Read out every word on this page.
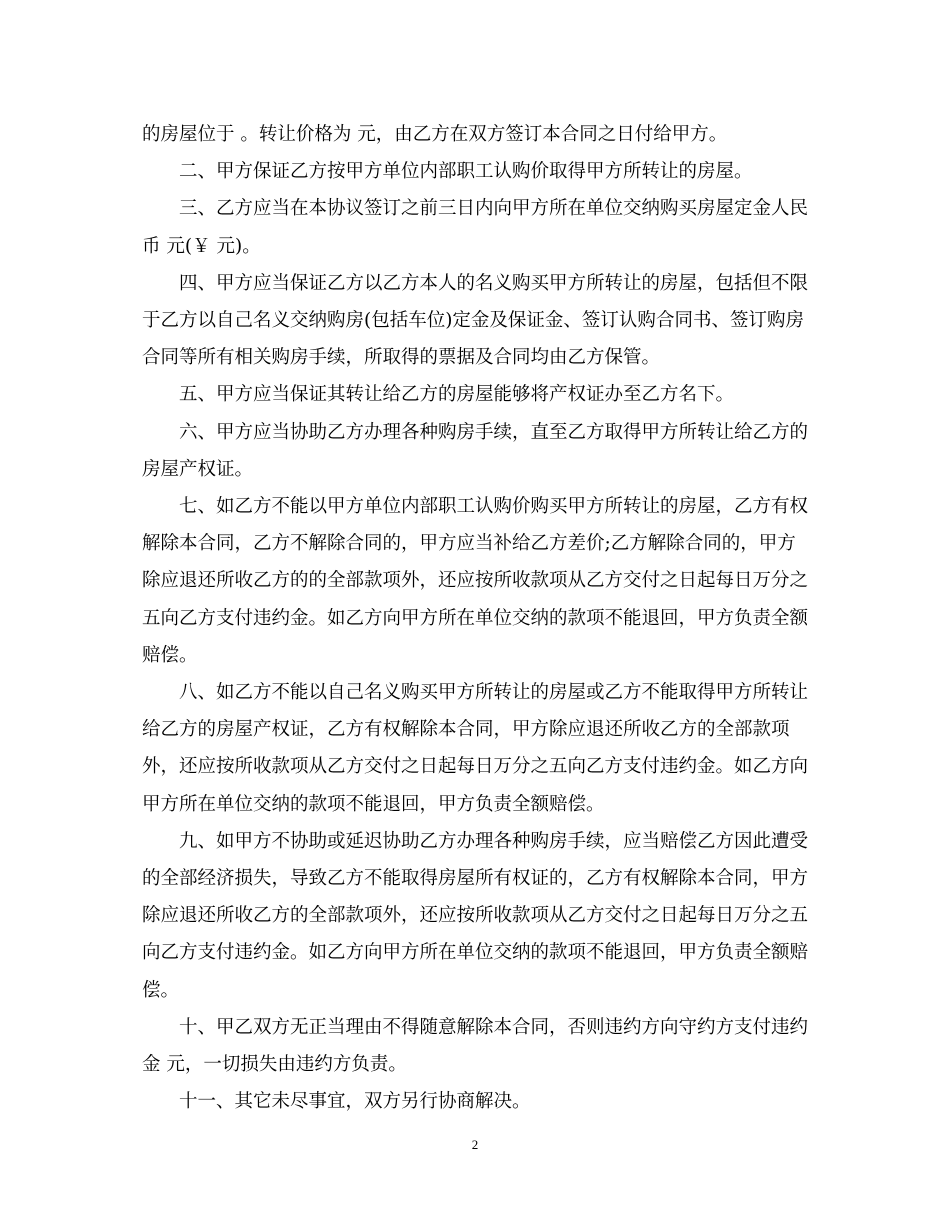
的房屋位于 。转让价格为 元，由乙方在双方签订本合同之日付给甲方。

二、甲方保证乙方按甲方单位内部职工认购价取得甲方所转让的房屋。

三、乙方应当在本协议签订之前三日内向甲方所在单位交纳购买房屋定金人民币 元(￥ 元)。

四、甲方应当保证乙方以乙方本人的名义购买甲方所转让的房屋，包括但不限于乙方以自己名义交纳购房(包括车位)定金及保证金、签订认购合同书、签订购房合同等所有相关购房手续，所取得的票据及合同均由乙方保管。

五、甲方应当保证其转让给乙方的房屋能够将产权证办至乙方名下。

六、甲方应当协助乙方办理各种购房手续，直至乙方取得甲方所转让给乙方的房屋产权证。

七、如乙方不能以甲方单位内部职工认购价购买甲方所转让的房屋，乙方有权解除本合同，乙方不解除合同的，甲方应当补给乙方差价;乙方解除合同的，甲方除应退还所收乙方的的全部款项外，还应按所收款项从乙方交付之日起每日万分之五向乙方支付违约金。如乙方向甲方所在单位交纳的款项不能退回，甲方负责全额赔偿。

八、如乙方不能以自己名义购买甲方所转让的房屋或乙方不能取得甲方所转让给乙方的房屋产权证，乙方有权解除本合同，甲方除应退还所收乙方的全部款项外，还应按所收款项从乙方交付之日起每日万分之五向乙方支付违约金。如乙方向甲方所在单位交纳的款项不能退回，甲方负责全额赔偿。

九、如甲方不协助或延迟协助乙方办理各种购房手续，应当赔偿乙方因此遭受的全部经济损失，导致乙方不能取得房屋所有权证的，乙方有权解除本合同，甲方除应退还所收乙方的全部款项外，还应按所收款项从乙方交付之日起每日万分之五向乙方支付违约金。如乙方向甲方所在单位交纳的款项不能退回，甲方负责全额赔偿。

十、甲乙双方无正当理由不得随意解除本合同，否则违约方向守约方支付违约金 元，一切损失由违约方负责。

十一、其它未尽事宜，双方另行协商解决。

2
